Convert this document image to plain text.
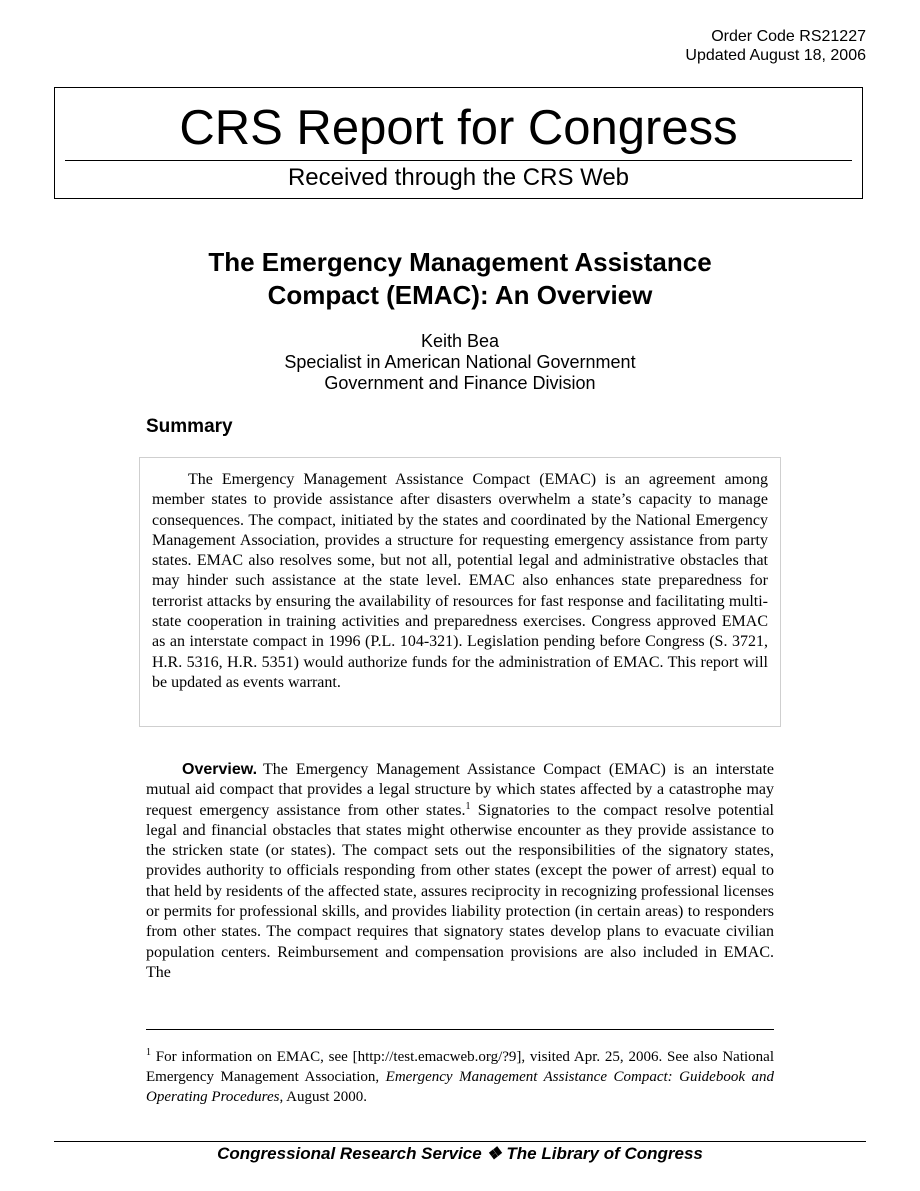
Order Code RS21227
Updated August 18, 2006
CRS Report for Congress
Received through the CRS Web
The Emergency Management Assistance
Compact (EMAC): An Overview
Keith Bea
Specialist in American National Government
Government and Finance Division
Summary

The Emergency Management Assistance Compact (EMAC) is an agreement among member states to provide assistance after disasters overwhelm a state’s capacity to manage consequences. The compact, initiated by the states and coordinated by the National Emergency Management Association, provides a structure for requesting emergency assistance from party states. EMAC also resolves some, but not all, potential legal and administrative obstacles that may hinder such assistance at the state level. EMAC also enhances state preparedness for terrorist attacks by ensuring the availability of resources for fast response and facilitating multi-state cooperation in training activities and preparedness exercises. Congress approved EMAC as an interstate compact in 1996 (P.L. 104-321). Legislation pending before Congress (S. 3721, H.R. 5316, H.R. 5351) would authorize funds for the administration of EMAC. This report will be updated as events warrant.

Overview. The Emergency Management Assistance Compact (EMAC) is an interstate mutual aid compact that provides a legal structure by which states affected by a catastrophe may request emergency assistance from other states.$^1$ Signatories to the compact resolve potential legal and financial obstacles that states might otherwise encounter as they provide assistance to the stricken state (or states). The compact sets out the responsibilities of the signatory states, provides authority to officials responding from other states (except the power of arrest) equal to that held by residents of the affected state, assures reciprocity in recognizing professional licenses or permits for professional skills, and provides liability protection (in certain areas) to responders from other states. The compact requires that signatory states develop plans to evacuate civilian population centers. Reimbursement and compensation provisions are also included in EMAC. The

$^1$ For information on EMAC, see [http://test.emacweb.org/?9], visited Apr. 25, 2006. See also National Emergency Management Association, Emergency Management Assistance Compact: Guidebook and Operating Procedures, August 2000.

Congressional Research Service ❖ The Library of Congress
